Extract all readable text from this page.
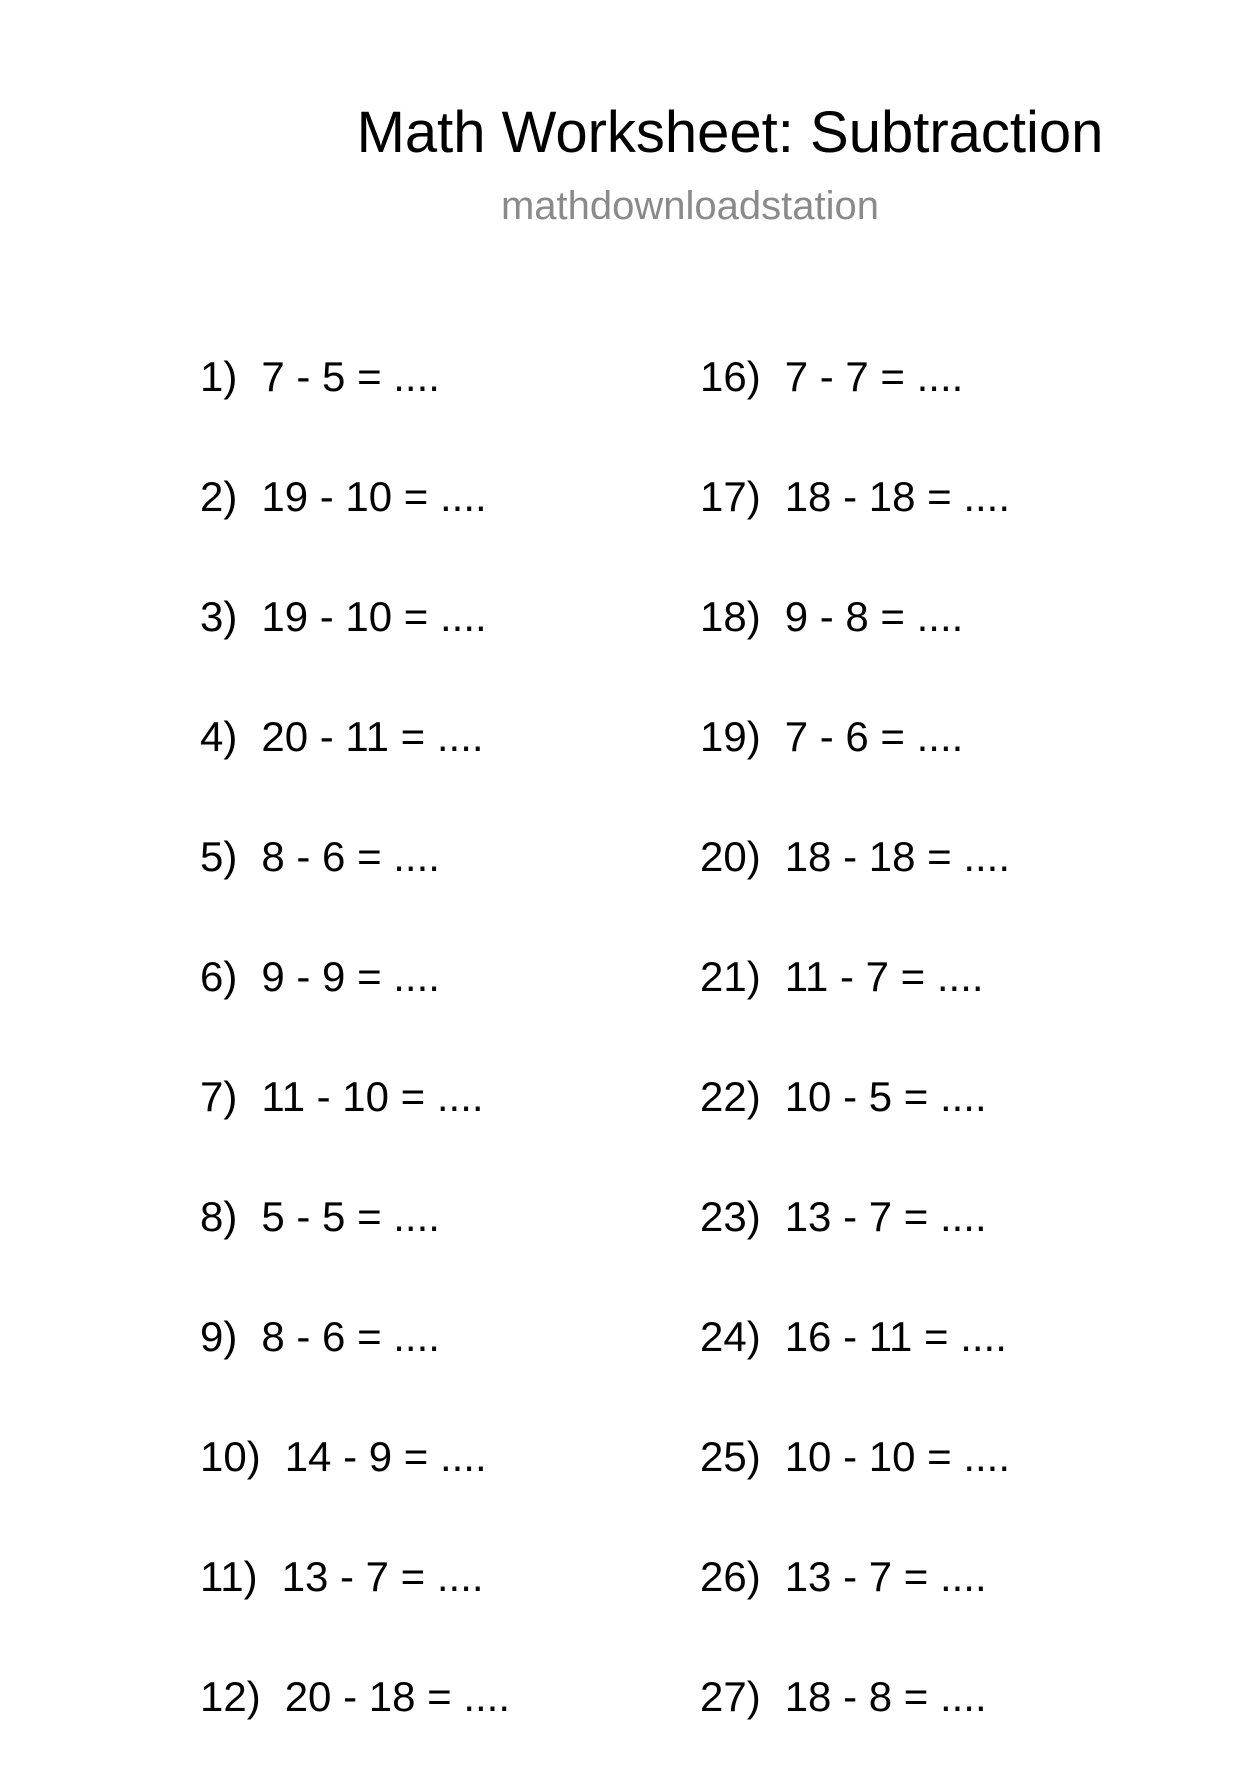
Math Worksheet: Subtraction
mathdownloadstation
1) 7 - 5 = ....
2) 19 - 10 = ....
3) 19 - 10 = ....
4) 20 - 11 = ....
5) 8 - 6 = ....
6) 9 - 9 = ....
7) 11 - 10 = ....
8) 5 - 5 = ....
9) 8 - 6 = ....
10) 14 - 9 = ....
11) 13 - 7 = ....
12) 20 - 18 = ....
16) 7 - 7 = ....
17) 18 - 18 = ....
18) 9 - 8 = ....
19) 7 - 6 = ....
20) 18 - 18 = ....
21) 11 - 7 = ....
22) 10 - 5 = ....
23) 13 - 7 = ....
24) 16 - 11 = ....
25) 10 - 10 = ....
26) 13 - 7 = ....
27) 18 - 8 = ....
